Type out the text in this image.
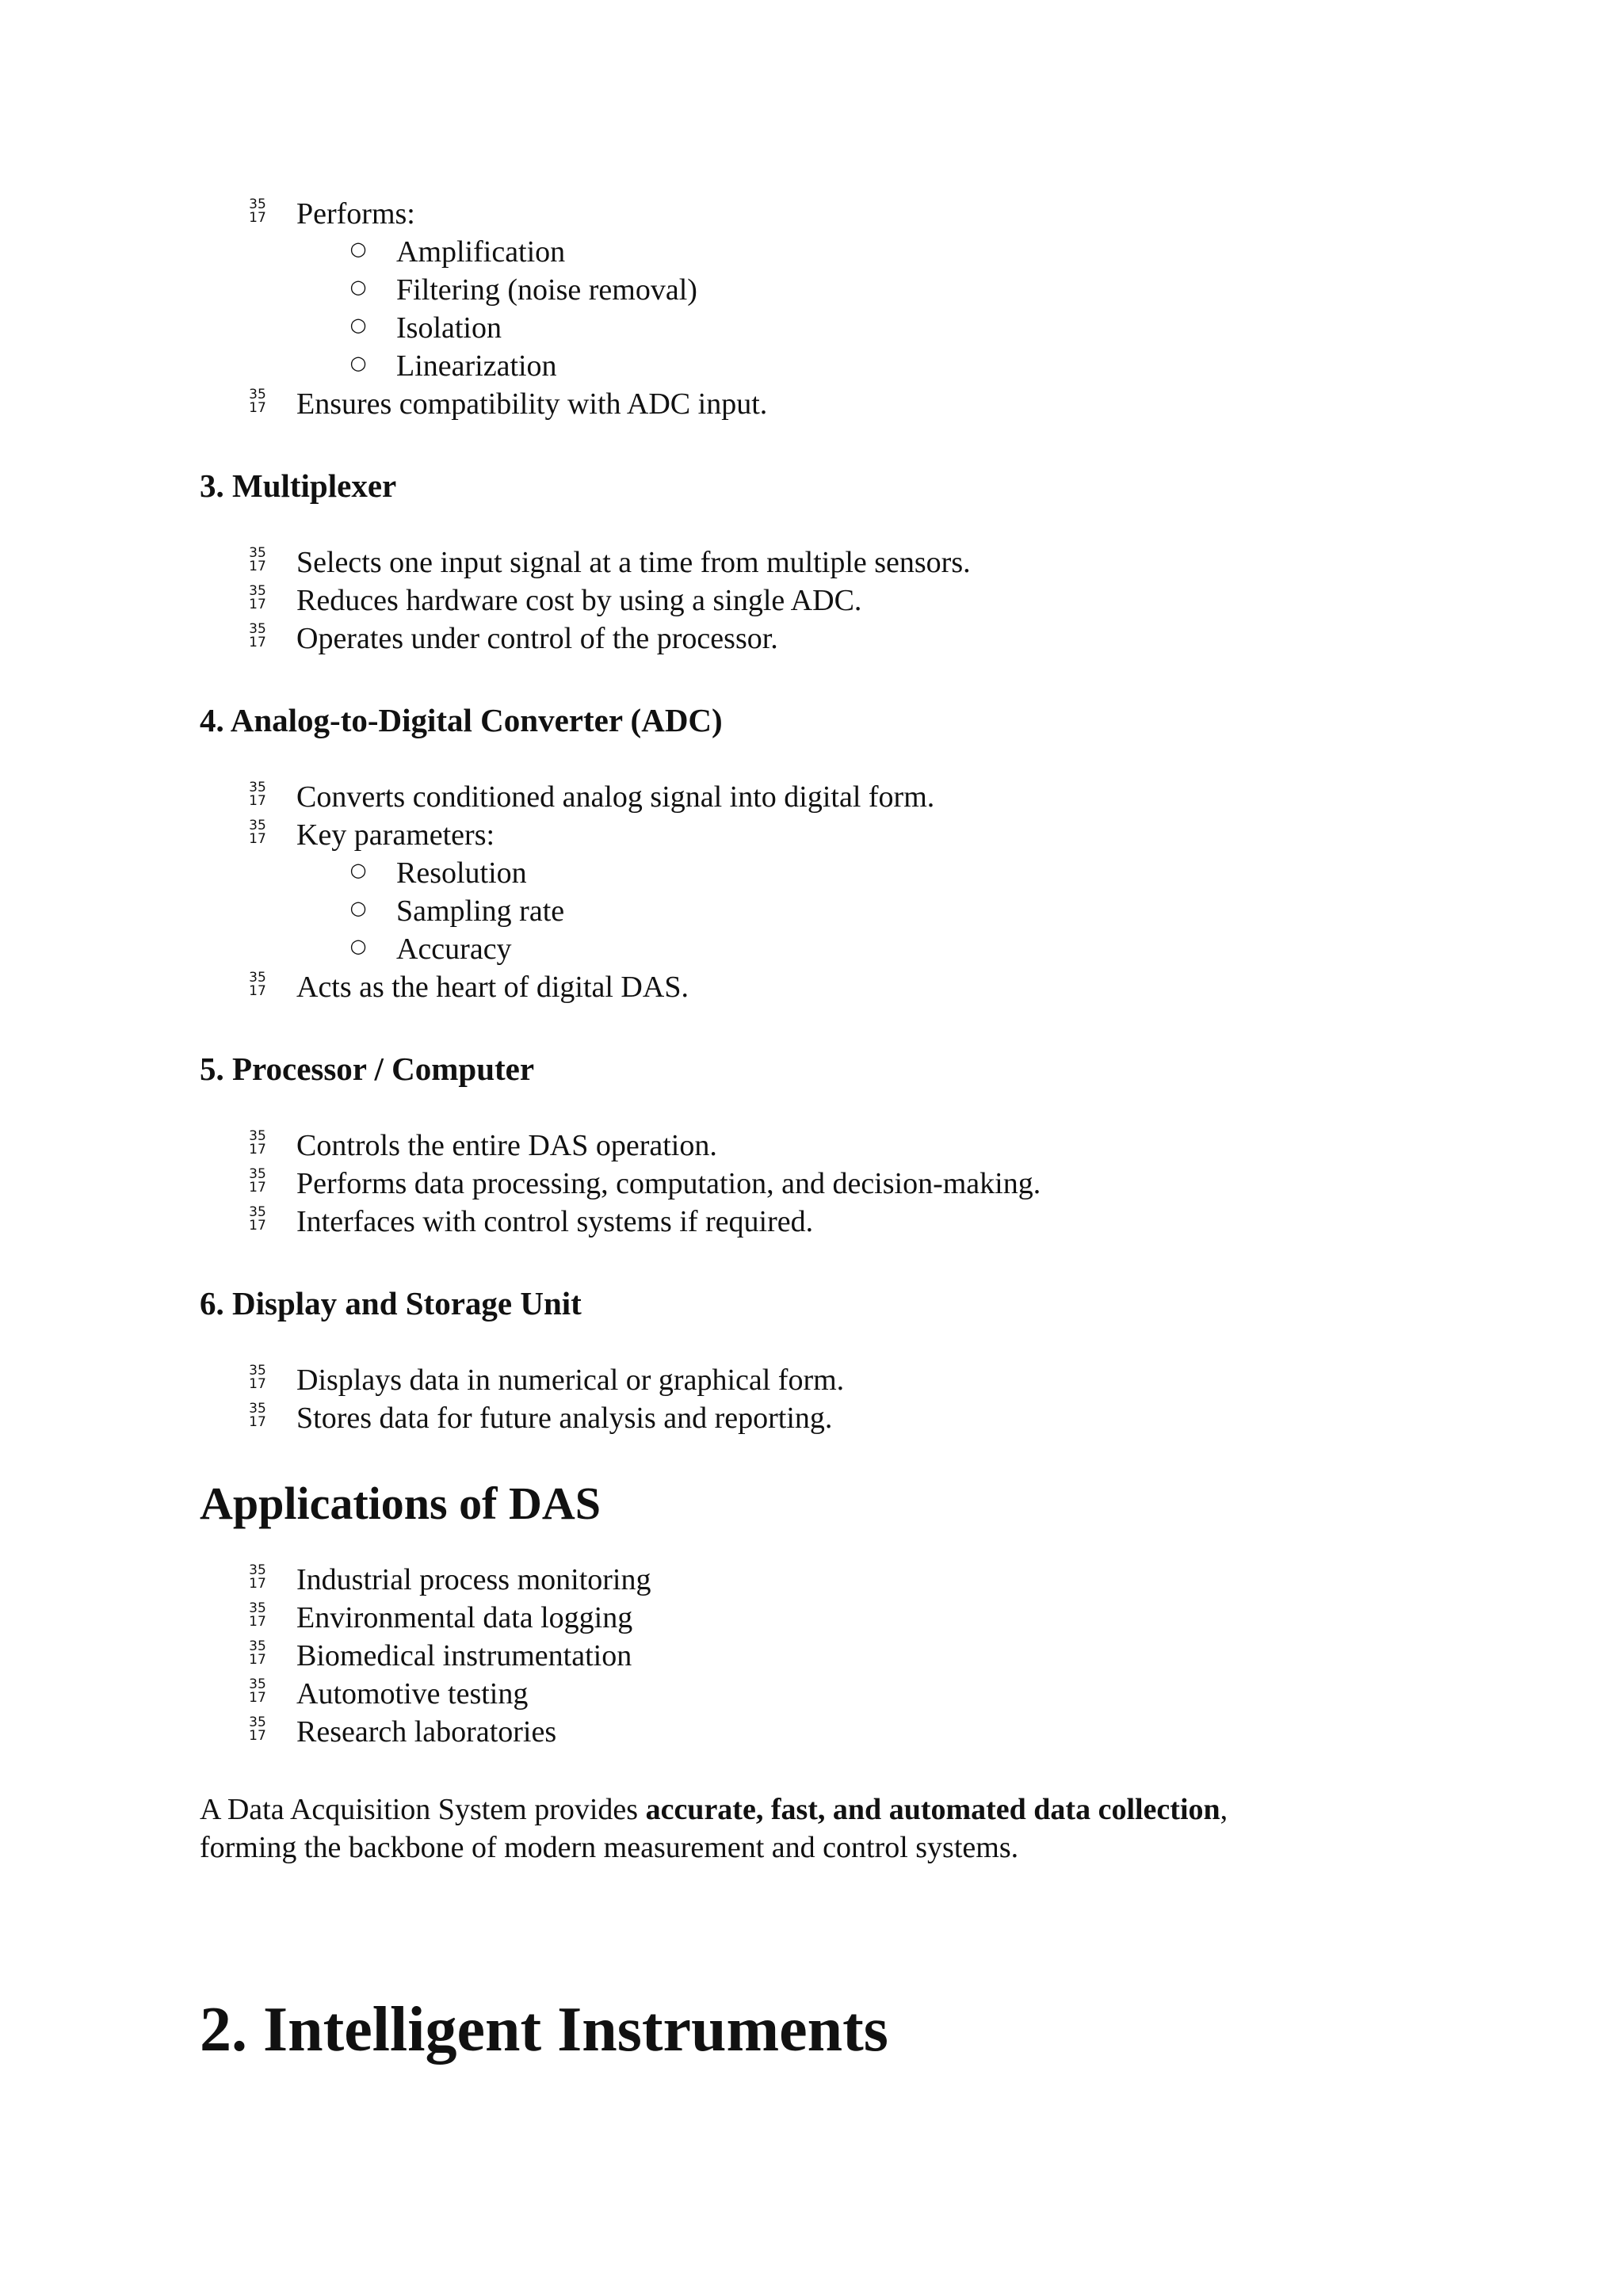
35
17 Performs:
○ Amplification
○ Filtering (noise removal)
○ Isolation
○ Linearization
35
17 Ensures compatibility with ADC input.
3. Multiplexer
35
17 Selects one input signal at a time from multiple sensors.
35
17 Reduces hardware cost by using a single ADC.
35
17 Operates under control of the processor.
4. Analog-to-Digital Converter (ADC)
35
17 Converts conditioned analog signal into digital form.
35
17 Key parameters:
○ Resolution
○ Sampling rate
○ Accuracy
35
17 Acts as the heart of digital DAS.
5. Processor / Computer
35
17 Controls the entire DAS operation.
35
17 Performs data processing, computation, and decision-making.
35
17 Interfaces with control systems if required.
6. Display and Storage Unit
35
17 Displays data in numerical or graphical form.
35
17 Stores data for future analysis and reporting.
Applications of DAS
35
17 Industrial process monitoring
35
17 Environmental data logging
35
17 Biomedical instrumentation
35
17 Automotive testing
35
17 Research laboratories
A Data Acquisition System provides accurate, fast, and automated data collection,
forming the backbone of modern measurement and control systems.
2. Intelligent Instruments
